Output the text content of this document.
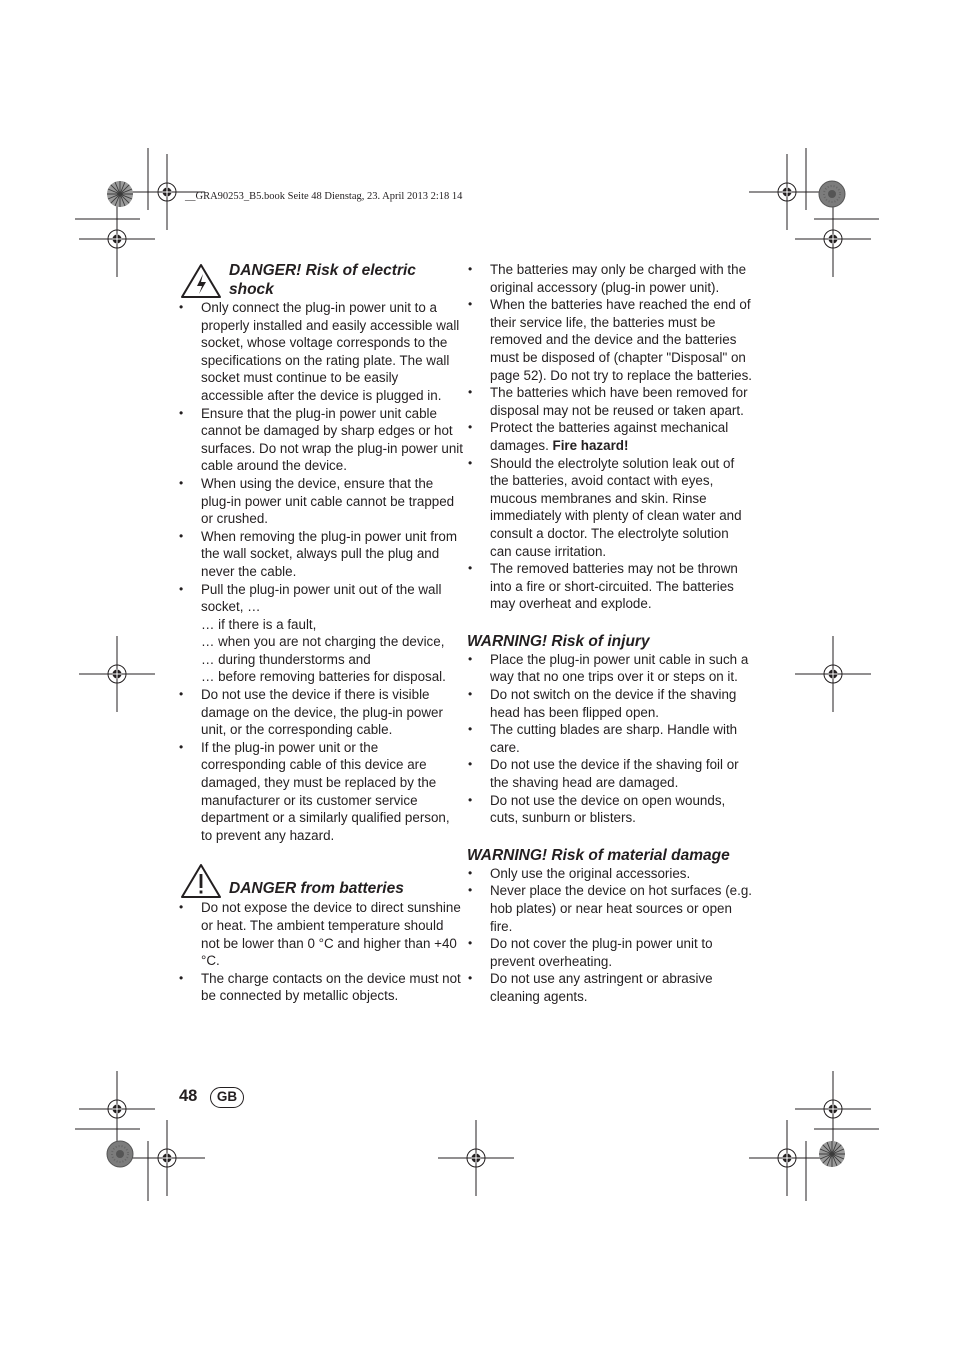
__GRA90253_B5.book Seite 48 Dienstag, 23. April 2013 2:18 14
DANGER! Risk of electric shock
• Only connect the plug-in power unit to a properly installed and easily accessible wall socket, whose voltage corresponds to the specifications on the rating plate. The wall socket must continue to be easily accessible after the device is plugged in.
• Ensure that the plug-in power unit cable cannot be damaged by sharp edges or hot surfaces. Do not wrap the plug-in power unit cable around the device.
• When using the device, ensure that the plug-in power unit cable cannot be trapped or crushed.
• When removing the plug-in power unit from the wall socket, always pull the plug and never the cable.
• Pull the plug-in power unit out of the wall socket, …
… if there is a fault,
… when you are not charging the device,
… during thunderstorms and
… before removing batteries for disposal.
• Do not use the device if there is visible damage on the device, the plug-in power unit, or the corresponding cable.
• If the plug-in power unit or the corresponding cable of this device are damaged, they must be replaced by the manufacturer or its customer service department or a similarly qualified person, to prevent any hazard.
DANGER from batteries
• Do not expose the device to direct sunshine or heat. The ambient temperature should not be lower than 0 °C and higher than +40 °C.
• The charge contacts on the device must not be connected by metallic objects.
• The batteries may only be charged with the original accessory (plug-in power unit).
• When the batteries have reached the end of their service life, the batteries must be removed and the device and the batteries must be disposed of (chapter "Disposal" on page 52). Do not try to replace the batteries.
• The batteries which have been removed for disposal may not be reused or taken apart.
• Protect the batteries against mechanical damages. Fire hazard!
• Should the electrolyte solution leak out of the batteries, avoid contact with eyes, mucous membranes and skin. Rinse immediately with plenty of clean water and consult a doctor. The electrolyte solution can cause irritation.
• The removed batteries may not be thrown into a fire or short-circuited. The batteries may overheat and explode.
WARNING! Risk of injury
• Place the plug-in power unit cable in such a way that no one trips over it or steps on it.
• Do not switch on the device if the shaving head has been flipped open.
• The cutting blades are sharp. Handle with care.
• Do not use the device if the shaving foil or the shaving head are damaged.
• Do not use the device on open wounds, cuts, sunburn or blisters.
WARNING! Risk of material damage
• Only use the original accessories.
• Never place the device on hot surfaces (e.g. hob plates) or near heat sources or open fire.
• Do not cover the plug-in power unit to prevent overheating.
• Do not use any astringent or abrasive cleaning agents.
48	GB
